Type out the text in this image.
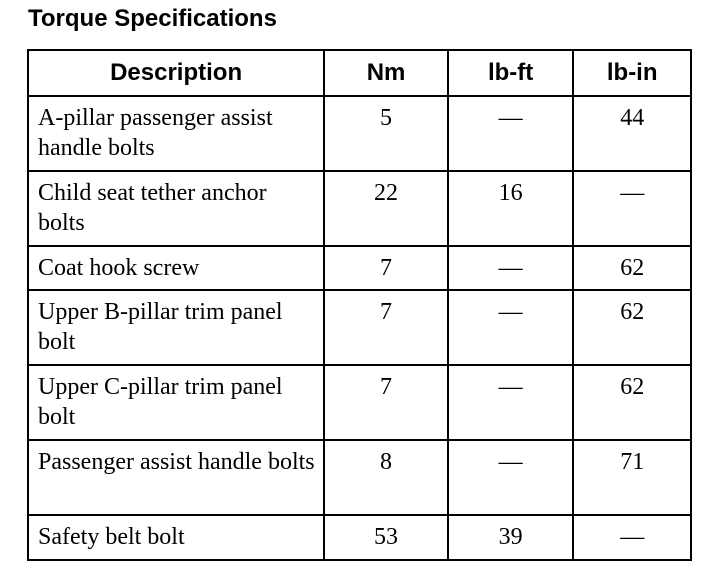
Torque Specifications
Description	Nm	lb-ft	lb-in
A-pillar passenger assist handle bolts	5	—	44
Child seat tether anchor bolts	22	16	—
Coat hook screw	7	—	62
Upper B-pillar trim panel bolt	7	—	62
Upper C-pillar trim panel bolt	7	—	62
Passenger assist handle bolts	8	—	71
Safety belt bolt	53	39	—
